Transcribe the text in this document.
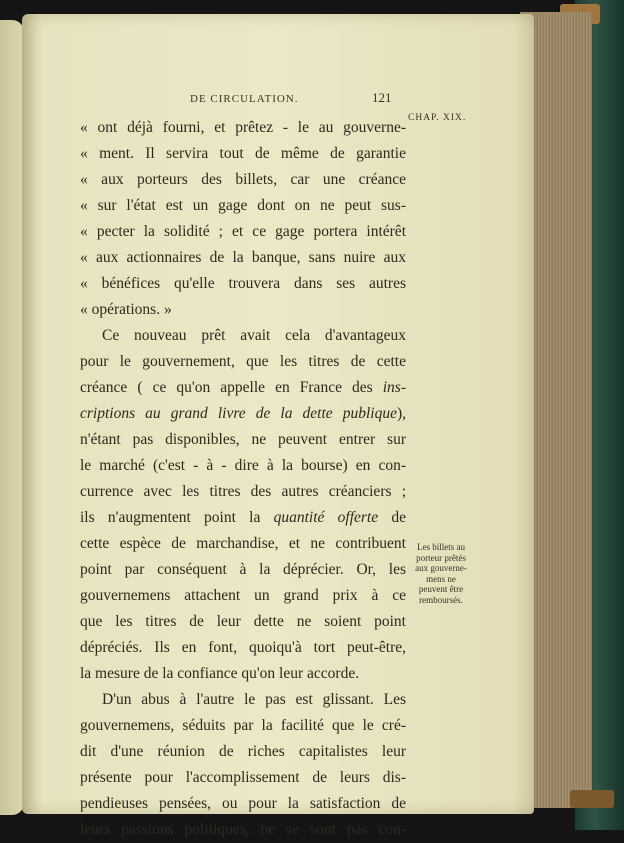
DE CIRCULATION.	121
CHAP. XIX.
« ont déjà fourni, et prêtez - le au gouverne-
« ment. Il servira tout de même de garantie
« aux porteurs des billets, car une créance
« sur l'état est un gage dont on ne peut sus-
« pecter la solidité ; et ce gage portera intérêt
« aux actionnaires de la banque, sans nuire aux
« bénéfices qu'elle trouvera dans ses autres
« opérations. »
Ce nouveau prêt avait cela d'avantageux
pour le gouvernement, que les titres de cette
créance ( ce qu'on appelle en France des ins-
criptions au grand livre de la dette publique),
n'étant pas disponibles, ne peuvent entrer sur
le marché (c'est - à - dire à la bourse) en con-
currence avec les titres des autres créanciers ;
ils n'augmentent point la quantité offerte de
cette espèce de marchandise, et ne contribuent
point par conséquent à la déprécier. Or, les
gouvernemens attachent un grand prix à ce
que les titres de leur dette ne soient point
dépréciés. Ils en font, quoiqu'à tort peut-être,
la mesure de la confiance qu'on leur accorde.
D'un abus à l'autre le pas est glissant. Les
gouvernemens, séduits par la facilité que le cré-
dit d'une réunion de riches capitalistes leur
présente pour l'accomplissement de leurs dis-
pendieuses pensées, ou pour la satisfaction de
leurs passions politiques, ne se sont pas con-
Les billets au
porteur prêtés
aux gouverne-
mens ne
peuvent être
remboursés.
